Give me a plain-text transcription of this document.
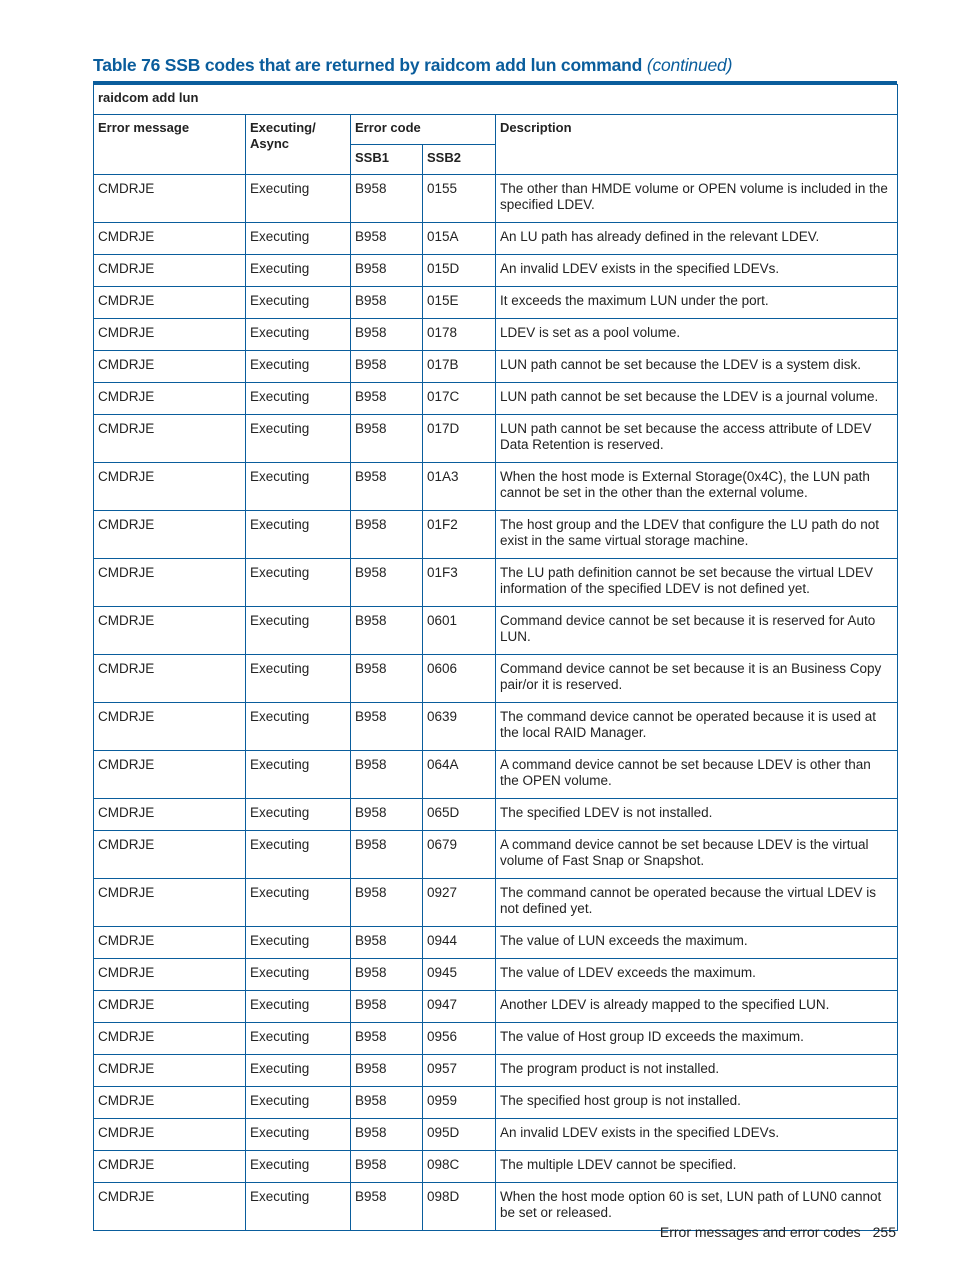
Table 76 SSB codes that are returned by raidcom add lun command (continued)
raidcom add lun				
Error message	Executing/ Async	Error code		Description
		SSB1	SSB2	
CMDRJE	Executing	B958	0155	The other than HMDE volume or OPEN volume is included in the specified LDEV.
CMDRJE	Executing	B958	015A	An LU path has already defined in the relevant LDEV.
CMDRJE	Executing	B958	015D	An invalid LDEV exists in the specified LDEVs.
CMDRJE	Executing	B958	015E	It exceeds the maximum LUN under the port.
CMDRJE	Executing	B958	0178	LDEV is set as a pool volume.
CMDRJE	Executing	B958	017B	LUN path cannot be set because the LDEV is a system disk.
CMDRJE	Executing	B958	017C	LUN path cannot be set because the LDEV is a journal volume.
CMDRJE	Executing	B958	017D	LUN path cannot be set because the access attribute of LDEV Data Retention is reserved.
CMDRJE	Executing	B958	01A3	When the host mode is External Storage(0x4C), the LUN path cannot be set in the other than the external volume.
CMDRJE	Executing	B958	01F2	The host group and the LDEV that configure the LU path do not exist in the same virtual storage machine.
CMDRJE	Executing	B958	01F3	The LU path definition cannot be set because the virtual LDEV information of the specified LDEV is not defined yet.
CMDRJE	Executing	B958	0601	Command device cannot be set because it is reserved for Auto LUN.
CMDRJE	Executing	B958	0606	Command device cannot be set because it is an Business Copy pair/or it is reserved.
CMDRJE	Executing	B958	0639	The command device cannot be operated because it is used at the local RAID Manager.
CMDRJE	Executing	B958	064A	A command device cannot be set because LDEV is other than the OPEN volume.
CMDRJE	Executing	B958	065D	The specified LDEV is not installed.
CMDRJE	Executing	B958	0679	A command device cannot be set because LDEV is the virtual volume of Fast Snap or Snapshot.
CMDRJE	Executing	B958	0927	The command cannot be operated because the virtual LDEV is not defined yet.
CMDRJE	Executing	B958	0944	The value of LUN exceeds the maximum.
CMDRJE	Executing	B958	0945	The value of LDEV exceeds the maximum.
CMDRJE	Executing	B958	0947	Another LDEV is already mapped to the specified LUN.
CMDRJE	Executing	B958	0956	The value of Host group ID exceeds the maximum.
CMDRJE	Executing	B958	0957	The program product is not installed.
CMDRJE	Executing	B958	0959	The specified host group is not installed.
CMDRJE	Executing	B958	095D	An invalid LDEV exists in the specified LDEVs.
CMDRJE	Executing	B958	098C	The multiple LDEV cannot be specified.
CMDRJE	Executing	B958	098D	When the host mode option 60 is set, LUN path of LUN0 cannot be set or released.
Error messages and error codes 255
